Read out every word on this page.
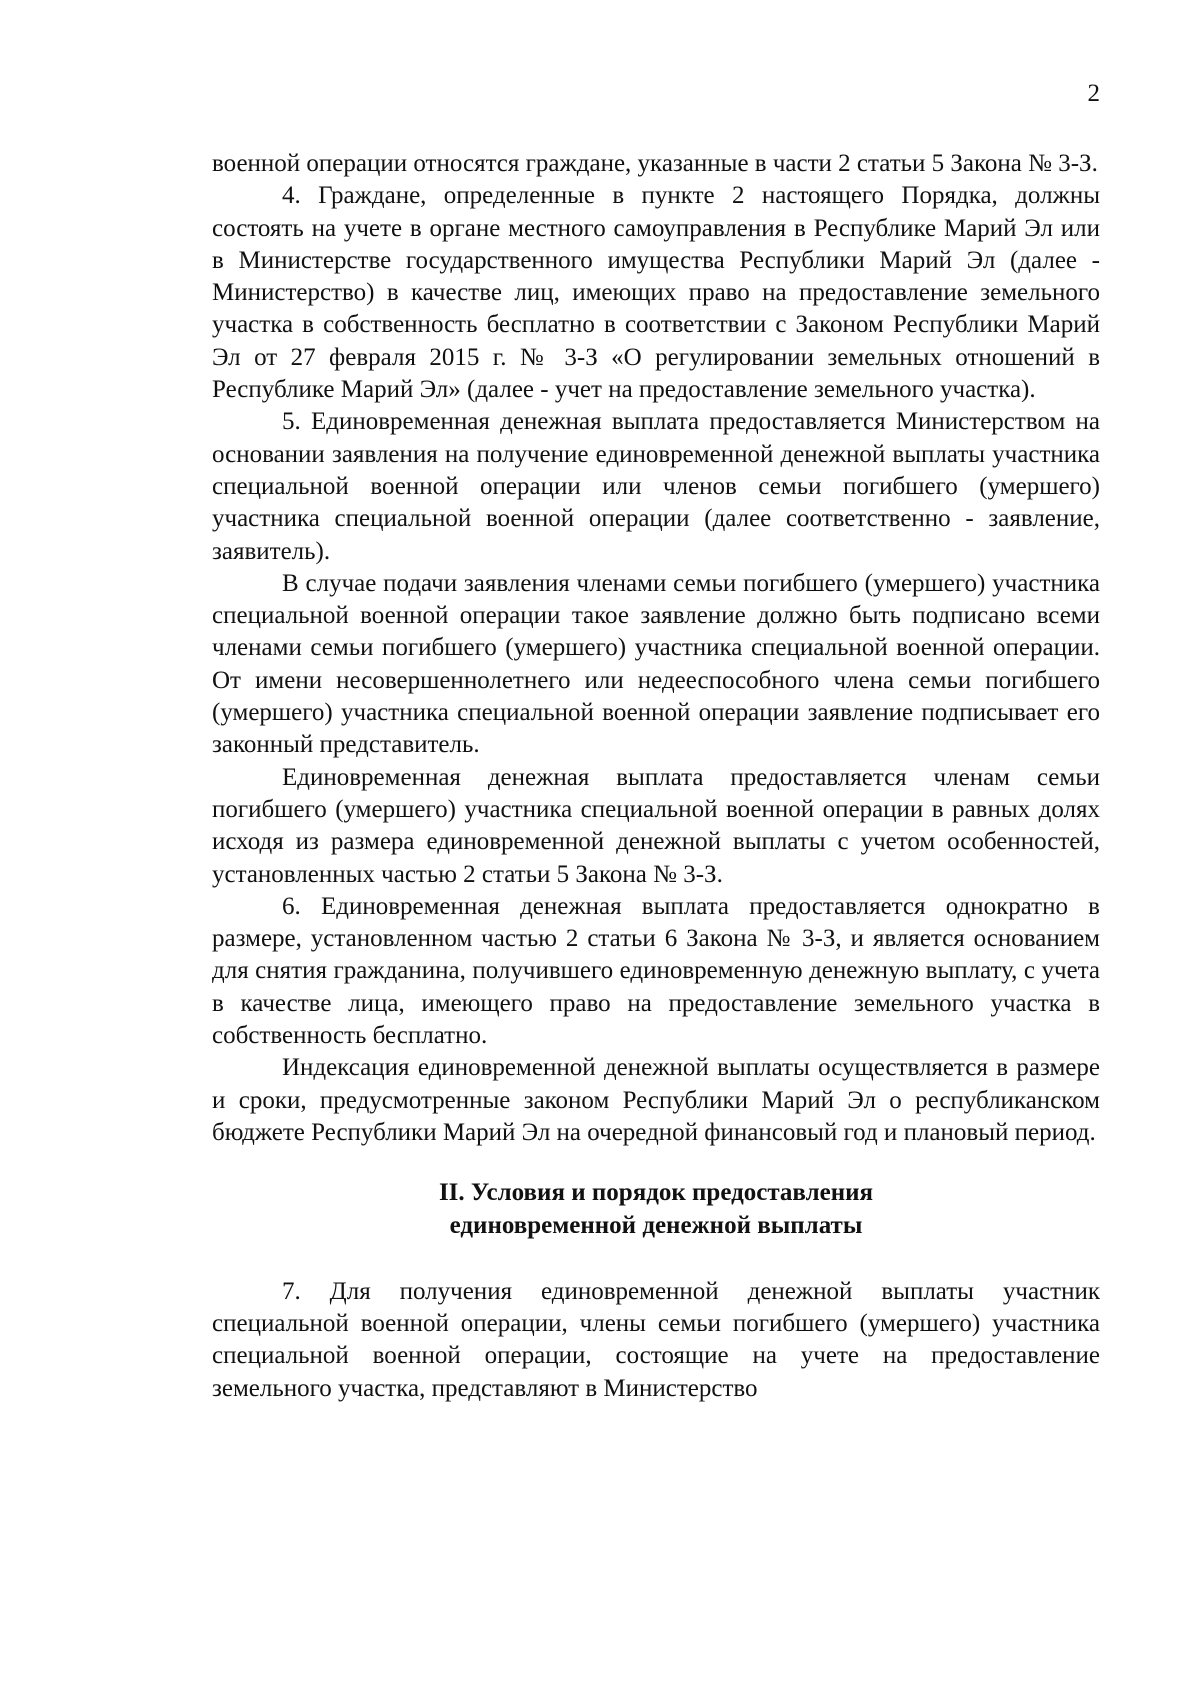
2

военной операции относятся граждане, указанные в части 2 статьи 5 Закона № 3-З.

4. Граждане, определенные в пункте 2 настоящего Порядка, должны состоять на учете в органе местного самоуправления в Республике Марий Эл или в Министерстве государственного имущества Республики Марий Эл (далее - Министерство) в качестве лиц, имеющих право на предоставление земельного участка в собственность бесплатно в соответствии с Законом Республики Марий Эл от 27 февраля 2015 г. № 3-З «О регулировании земельных отношений в Республике Марий Эл» (далее - учет на предоставление земельного участка).

5. Единовременная денежная выплата предоставляется Министерством на основании заявления на получение единовременной денежной выплаты участника специальной военной операции или членов семьи погибшего (умершего) участника специальной военной операции (далее соответственно - заявление, заявитель).

В случае подачи заявления членами семьи погибшего (умершего) участника специальной военной операции такое заявление должно быть подписано всеми членами семьи погибшего (умершего) участника специальной военной операции. От имени несовершеннолетнего или недееспособного члена семьи погибшего (умершего) участника специальной военной операции заявление подписывает его законный представитель.

Единовременная денежная выплата предоставляется членам семьи погибшего (умершего) участника специальной военной операции в равных долях исходя из размера единовременной денежной выплаты с учетом особенностей, установленных частью 2 статьи 5 Закона № 3-З.

6. Единовременная денежная выплата предоставляется однократно в размере, установленном частью 2 статьи 6 Закона № 3-З, и является основанием для снятия гражданина, получившего единовременную денежную выплату, с учета в качестве лица, имеющего право на предоставление земельного участка в собственность бесплатно.

Индексация единовременной денежной выплаты осуществляется в размере и сроки, предусмотренные законом Республики Марий Эл о республиканском бюджете Республики Марий Эл на очередной финансовый год и плановый период.

II. Условия и порядок предоставления
единовременной денежной выплаты

7. Для получения единовременной денежной выплаты участник специальной военной операции, члены семьи погибшего (умершего) участника специальной военной операции, состоящие на учете на предоставление земельного участка, представляют в Министерство
